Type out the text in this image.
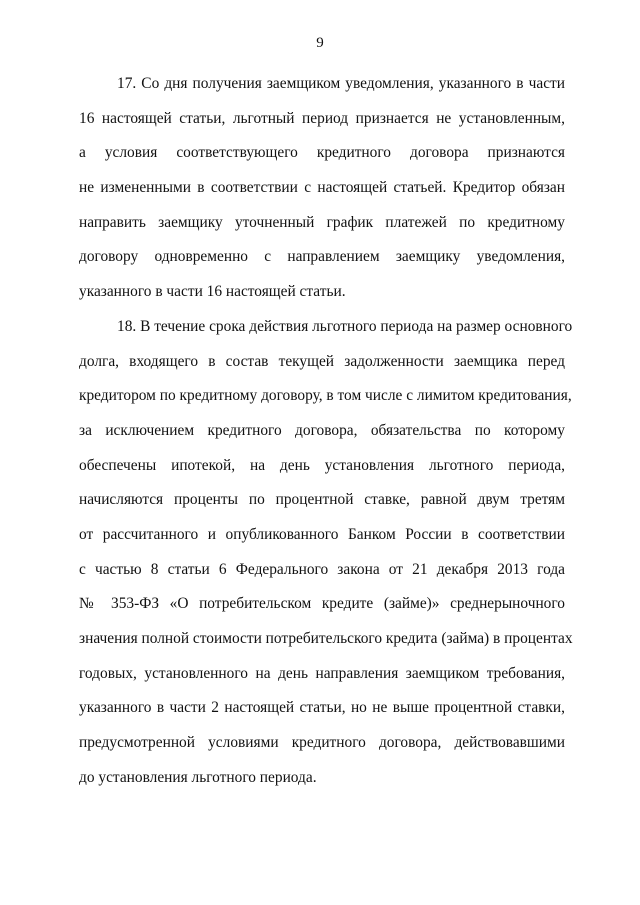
9
17. Со дня получения заемщиком уведомления, указанного в части
16 настоящей статьи, льготный период признается не установленным,
а условия соответствующего кредитного договора признаются
не измененными в соответствии с настоящей статьей. Кредитор обязан
направить заемщику уточненный график платежей по кредитному
договору одновременно с направлением заемщику уведомления,
указанного в части 16 настоящей статьи.
18. В течение срока действия льготного периода на размер основного
долга, входящего в состав текущей задолженности заемщика перед
кредитором по кредитному договору, в том числе с лимитом кредитования,
за исключением кредитного договора, обязательства по которому
обеспечены ипотекой, на день установления льготного периода,
начисляются проценты по процентной ставке, равной двум третям
от рассчитанного и опубликованного Банком России в соответствии
с частью 8 статьи 6 Федерального закона от 21 декабря 2013 года
№ 353-ФЗ «О потребительском кредите (займе)» среднерыночного
значения полной стоимости потребительского кредита (займа) в процентах
годовых, установленного на день направления заемщиком требования,
указанного в части 2 настоящей статьи, но не выше процентной ставки,
предусмотренной условиями кредитного договора, действовавшими
до установления льготного периода.
